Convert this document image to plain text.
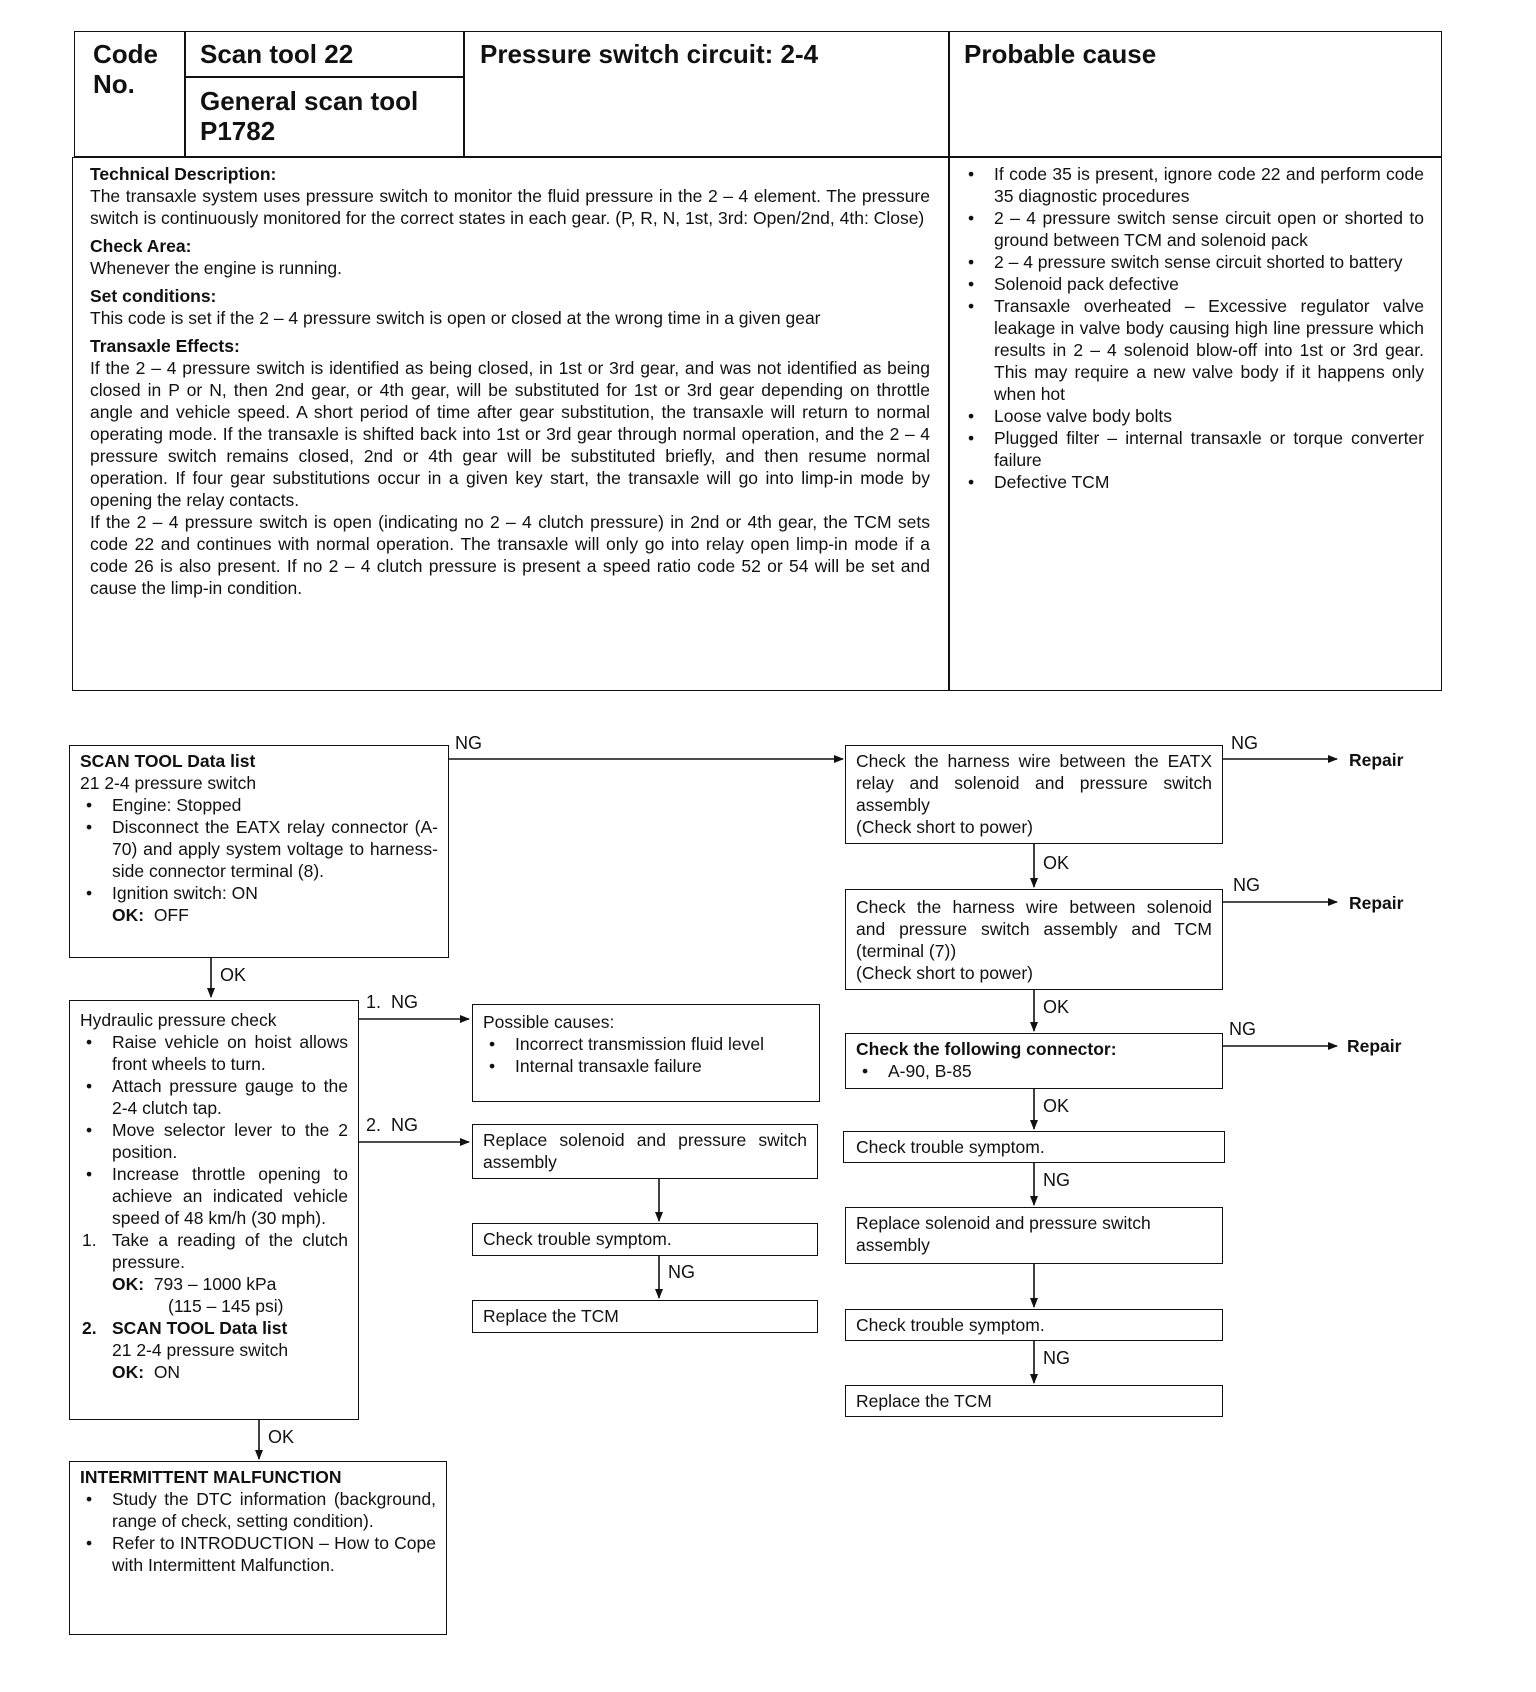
Code
No.
Scan tool 22
General scan tool
P1782
Pressure switch circuit: 2-4	Probable cause

Technical Description:

The transaxle system uses pressure switch to monitor the fluid pressure in the 2 – 4 element. The pressure switch is continuously monitored for the correct states in each gear. (P, R, N, 1st, 3rd: Open/2nd, 4th: Close)

Check Area:

Whenever the engine is running.

Set conditions:

This code is set if the 2 – 4 pressure switch is open or closed at the wrong time in a given gear

Transaxle Effects:

If the 2 – 4 pressure switch is identified as being closed, in 1st or 3rd gear, and was not identified as being closed in P or N, then 2nd gear, or 4th gear, will be substituted for 1st or 3rd gear depending on throttle angle and vehicle speed. A short period of time after gear substitution, the transaxle will return to normal operating mode. If the transaxle is shifted back into 1st or 3rd gear through normal operation, and the 2 – 4 pressure switch remains closed, 2nd or 4th gear will be substituted briefly, and then resume normal operation. If four gear substitutions occur in a given key start, the transaxle will go into limp-in mode by opening the relay contacts.

If the 2 – 4 pressure switch is open (indicating no 2 – 4 clutch pressure) in 2nd or 4th gear, the TCM sets code 22 and continues with normal operation. The transaxle will only go into relay open limp-in mode if a code 26 is also present. If no 2 – 4 clutch pressure is present a speed ratio code 52 or 54 will be set and cause the limp-in condition.

• If code 35 is present, ignore code 22 and perform code 35 diagnostic procedures
• 2 – 4 pressure switch sense circuit open or shorted to ground between TCM and solenoid pack
• 2 – 4 pressure switch sense circuit shorted to battery
• Solenoid pack defective
• Transaxle overheated – Excessive regulator valve leakage in valve body causing high line pressure which results in 2 – 4 solenoid blow-off into 1st or 3rd gear. This may require a new valve body if it happens only when hot
• Loose valve body bolts
• Plugged filter – internal transaxle or torque converter failure
• Defective TCM

SCAN TOOL Data list

21 2-4 pressure switch

• Engine: Stopped
• Disconnect the EATX relay connector (A-70) and apply system voltage to harness-side connector terminal (8).
• Ignition switch: ON

OK: OFF

Hydraulic pressure check

• Raise vehicle on hoist allows front wheels to turn.
• Attach pressure gauge to the 2-4 clutch tap.
• Move selector lever to the 2 position.
• Increase throttle opening to achieve an indicated vehicle speed of 48 km/h (30 mph).
1. Take a reading of the clutch pressure.

OK: 793 – 1000 kPa

(115 – 145 psi)

2. SCAN TOOL Data list

21 2-4 pressure switch

OK: ON

INTERMITTENT MALFUNCTION

• Study the DTC information (background, range of check, setting condition).
• Refer to INTRODUCTION – How to Cope with Intermittent Malfunction.

Possible causes:

• Incorrect transmission fluid level
• Internal transaxle failure
Replace solenoid and pressure switch assembly
Check trouble symptom.
Replace the TCM
Check the harness wire between the EATX relay and solenoid and pressure switch assembly
(Check short to power)
Check the harness wire between solenoid and pressure switch assembly and TCM (terminal (7))
(Check short to power)

Check the following connector:

• A-90, B-85
Check trouble symptom.
Replace solenoid and pressure switch assembly
Check trouble symptom.
Replace the TCM
Repair
Repair
Repair
NG
OK
1.  NG
2.  NG
OK
NG
NG
OK
NG
OK
NG
OK
NG
NG
